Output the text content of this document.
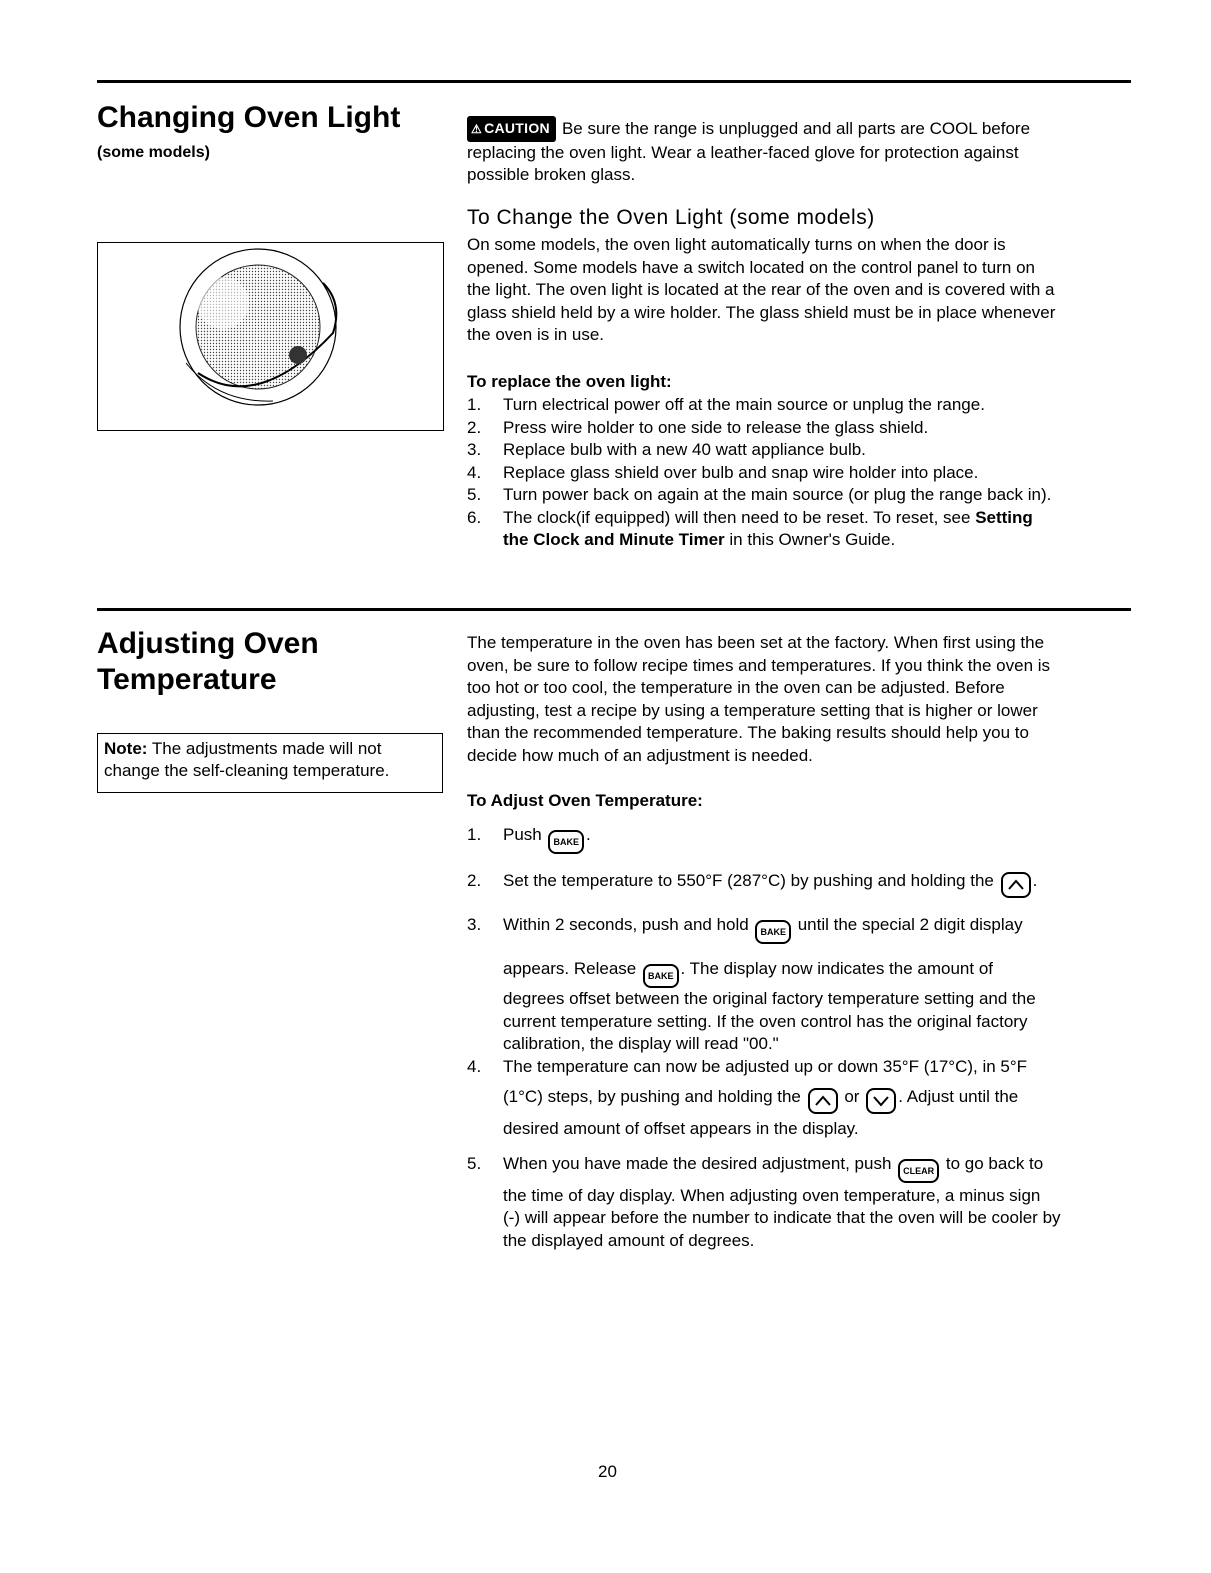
Changing Oven Light
(some models)
⚠ CAUTION Be sure the range is unplugged and all parts are COOL before
replacing the oven light. Wear a leather-faced glove for protection against
possible broken glass.
To Change the Oven Light (some models)
On some models, the oven light automatically turns on when the door is
opened. Some models have a switch located on the control panel to turn on
the light. The oven light is located at the rear of the oven and is covered with a
glass shield held by a wire holder. The glass shield must be in place whenever
the oven is in use.
To replace the oven light:
1. Turn electrical power off at the main source or unplug the range.
2. Press wire holder to one side to release the glass shield.
3. Replace bulb with a new 40 watt appliance bulb.
4. Replace glass shield over bulb and snap wire holder into place.
5. Turn power back on again at the main source (or plug the range back in).
6. The clock(if equipped) will then need to be reset. To reset, see Setting
the Clock and Minute Timer in this Owner's Guide.
Adjusting Oven
Temperature
Note: The adjustments made will not
change the self-cleaning temperature.
The temperature in the oven has been set at the factory. When first using the
oven, be sure to follow recipe times and temperatures. If you think the oven is
too hot or too cool, the temperature in the oven can be adjusted. Before
adjusting, test a recipe by using a temperature setting that is higher or lower
than the recommended temperature. The baking results should help you to
decide how much of an adjustment is needed.
To Adjust Oven Temperature:
1. Push BAKE .
2. Set the temperature to 550°F (287°C) by pushing and holding the .
3. Within 2 seconds, push and hold BAKE until the special 2 digit display
appears. Release BAKE . The display now indicates the amount of
degrees offset between the original factory temperature setting and the
current temperature setting. If the oven control has the original factory
calibration, the display will read "00."
4. The temperature can now be adjusted up or down 35°F (17°C), in 5°F
(1°C) steps, by pushing and holding the	or . Adjust until the
desired amount of offset appears in the display.
5. When you have made the desired adjustment, push CLEAR to go back to
the time of day display. When adjusting oven temperature, a minus sign
(-) will appear before the number to indicate that the oven will be cooler by
the displayed amount of degrees.
20
